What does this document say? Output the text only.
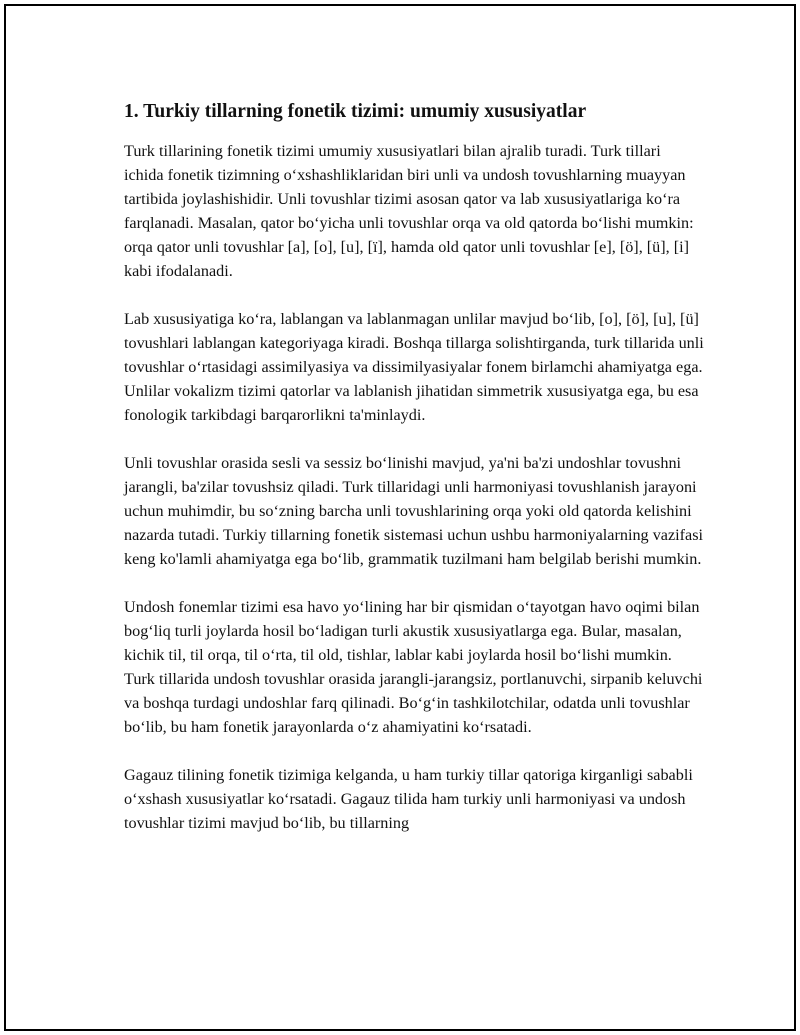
1. Turkiy tillarning fonetik tizimi: umumiy xususiyatlar

Turk tillarining fonetik tizimi umumiy xususiyatlari bilan ajralib turadi. Turk tillari ichida fonetik tizimning o‘xshashliklaridan biri unli va undosh tovushlarning muayyan tartibida joylashishidir. Unli tovushlar tizimi asosan qator va lab xususiyatlariga ko‘ra farqlanadi. Masalan, qator bo‘yicha unli tovushlar orqa va old qatorda bo‘lishi mumkin: orqa qator unli tovushlar [a], [o], [u], [ï], hamda old qator unli tovushlar [e], [ö], [ü], [i] kabi ifodalanadi.

Lab xususiyatiga ko‘ra, lablangan va lablanmagan unlilar mavjud bo‘lib, [o], [ö], [u], [ü] tovushlari lablangan kategoriyaga kiradi. Boshqa tillarga solishtirganda, turk tillarida unli tovushlar o‘rtasidagi assimilyasiya va dissimilyasiyalar fonem birlamchi ahamiyatga ega. Unlilar vokalizm tizimi qatorlar va lablanish jihatidan simmetrik xususiyatga ega, bu esa fonologik tarkibdagi barqarorlikni ta'minlaydi.

Unli tovushlar orasida sesli va sessiz bo‘linishi mavjud, ya'ni ba'zi undoshlar tovushni jarangli, ba'zilar tovushsiz qiladi. Turk tillaridagi unli harmoniyasi tovushlanish jarayoni uchun muhimdir, bu so‘zning barcha unli tovushlarining orqa yoki old qatorda kelishini nazarda tutadi. Turkiy tillarning fonetik sistemasi uchun ushbu harmoniyalarning vazifasi keng ko'lamli ahamiyatga ega bo‘lib, grammatik tuzilmani ham belgilab berishi mumkin.

Undosh fonemlar tizimi esa havo yo‘lining har bir qismidan o‘tayotgan havo oqimi bilan bog‘liq turli joylarda hosil bo‘ladigan turli akustik xususiyatlarga ega. Bular, masalan, kichik til, til orqa, til o‘rta, til old, tishlar, lablar kabi joylarda hosil bo‘lishi mumkin. Turk tillarida undosh tovushlar orasida jarangli-jarangsiz, portlanuvchi, sirpanib keluvchi va boshqa turdagi undoshlar farq qilinadi. Bo‘g‘in tashkilotchilar, odatda unli tovushlar bo‘lib, bu ham fonetik jarayonlarda o‘z ahamiyatini ko‘rsatadi.

Gagauz tilining fonetik tizimiga kelganda, u ham turkiy tillar qatoriga kirganligi sababli o‘xshash xususiyatlar ko‘rsatadi. Gagauz tilida ham turkiy unli harmoniyasi va undosh tovushlar tizimi mavjud bo‘lib, bu tillarning
